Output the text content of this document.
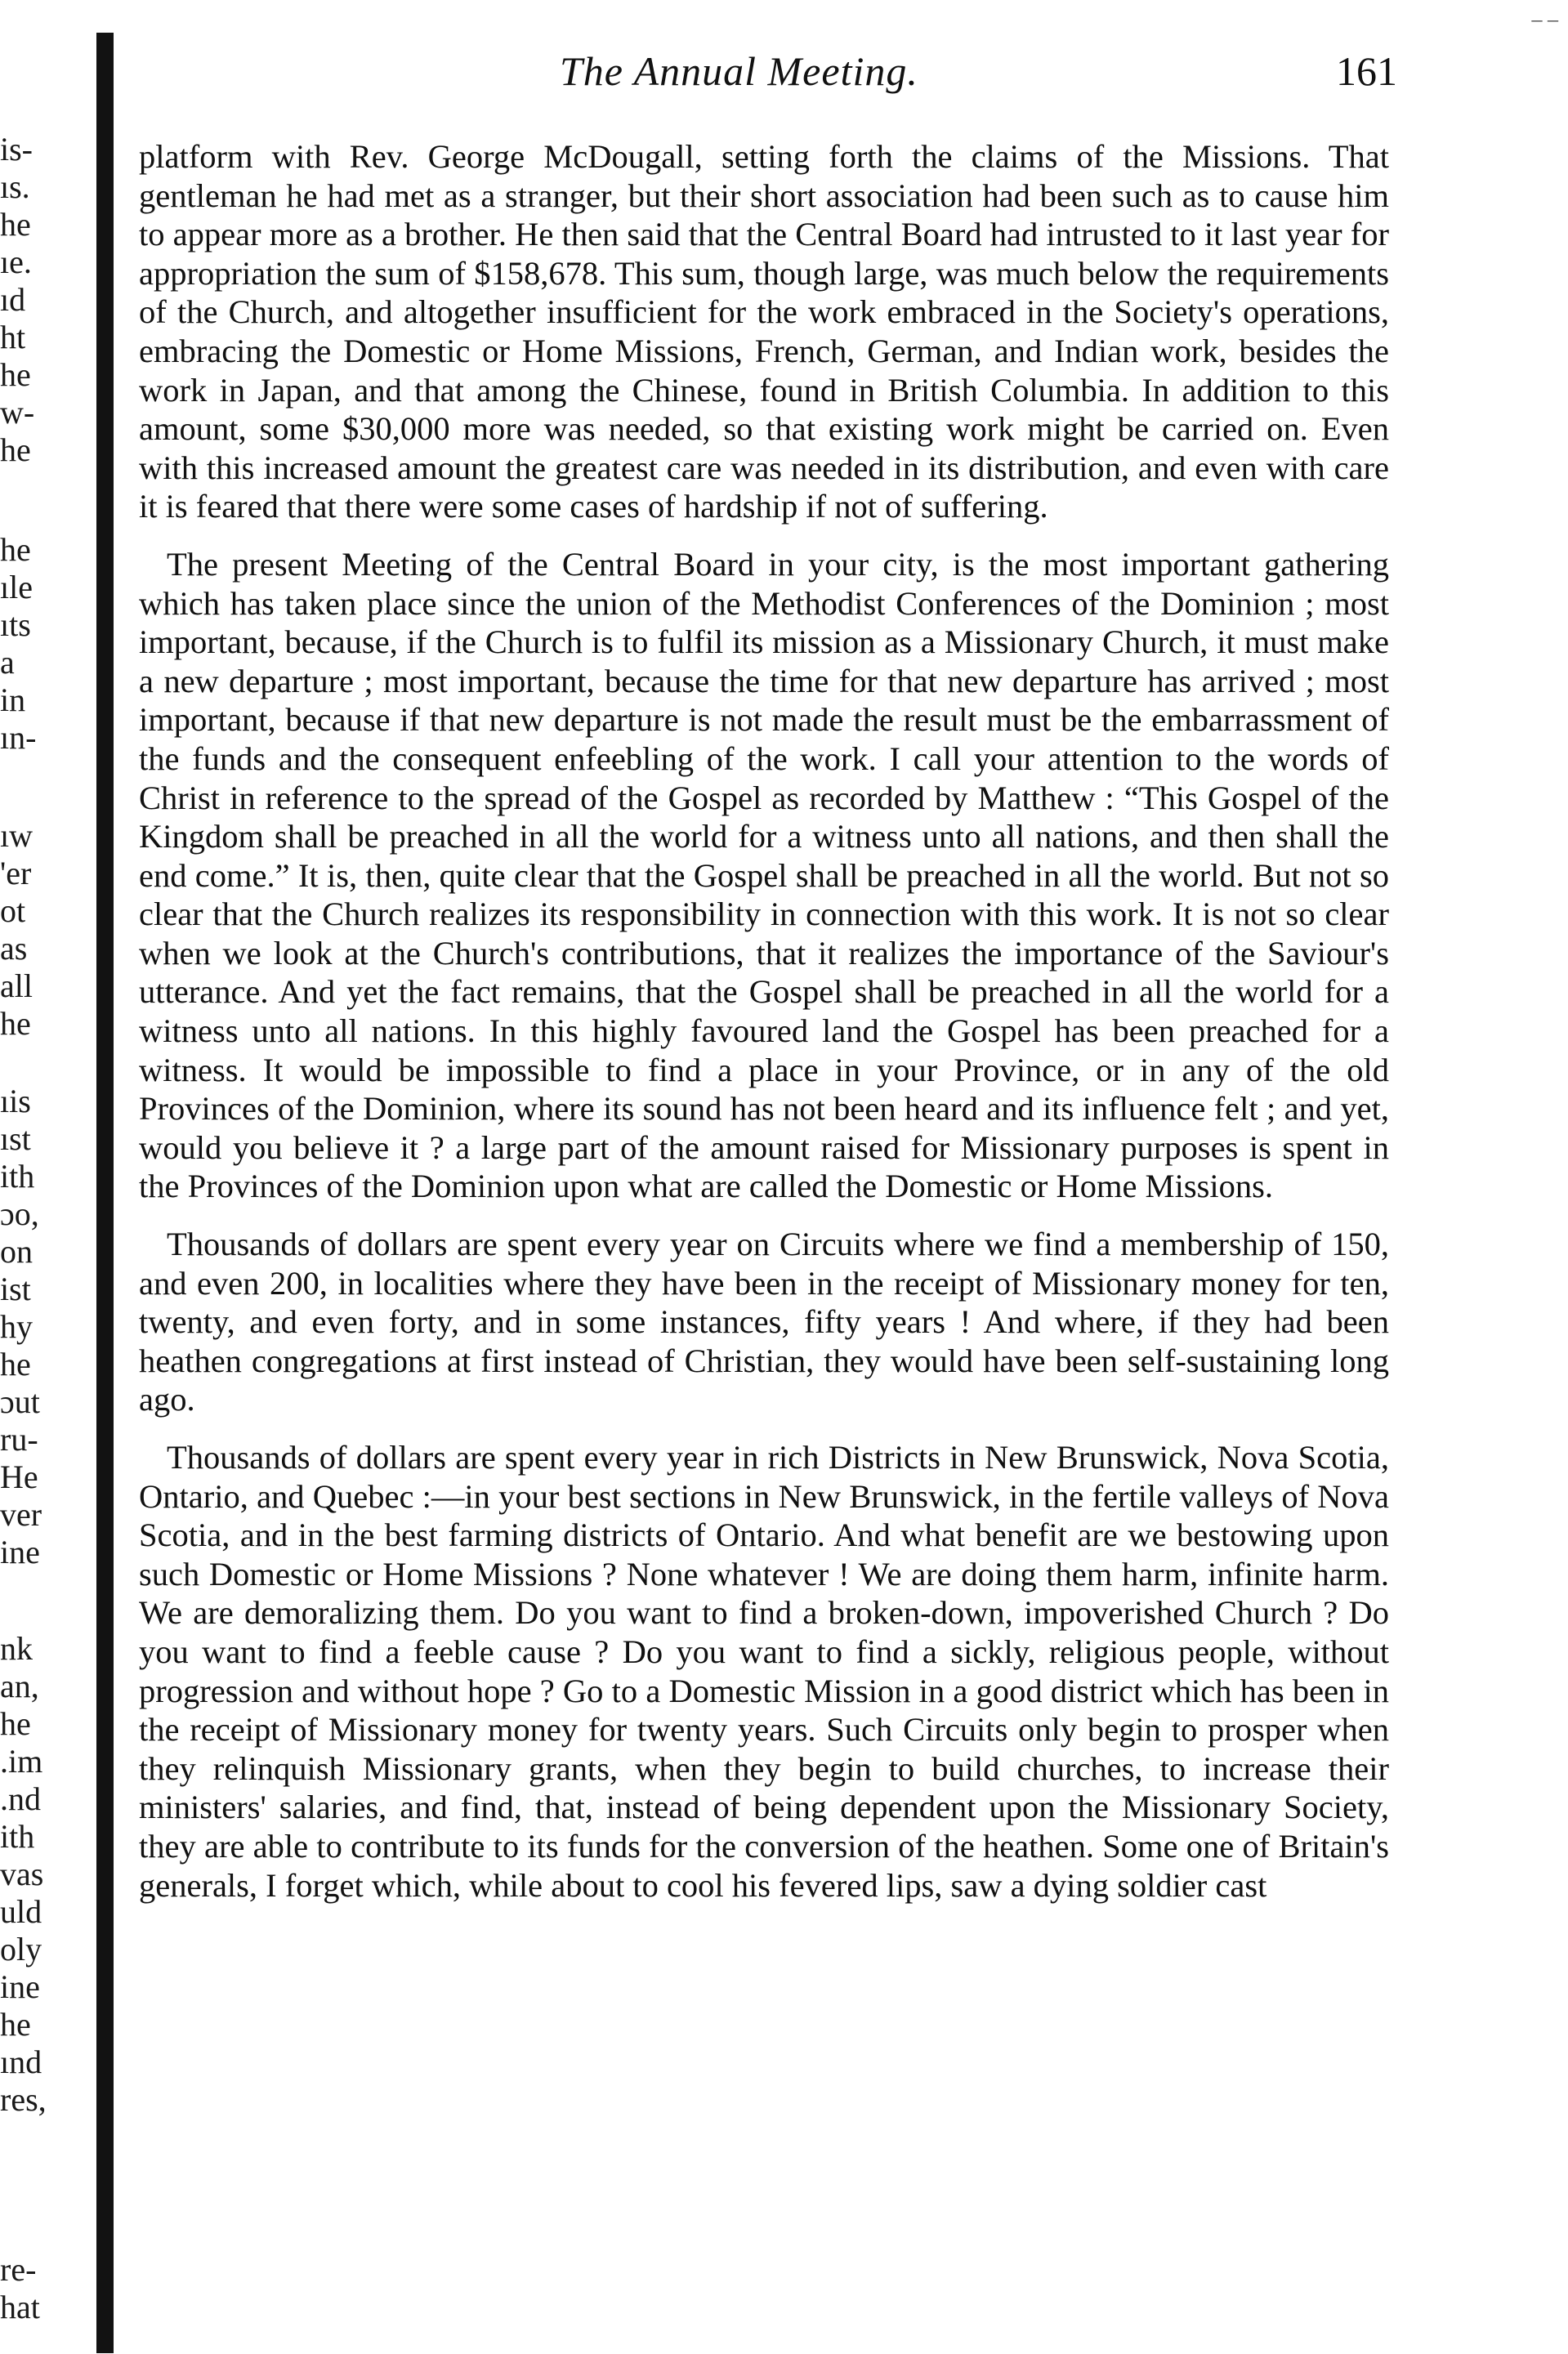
_ _
is-
ıs.
he
ıe.
ıd
ht
he
w-
he
he
ıle
ıts
a
in
ın-
ıw
'er
ot
as
all
he
ıis
ıst
ith
ɔo,
on
ist
hy
he
ɔut
ru-
He
ver
ine
nk
an,
he
.im
.nd
ith
vas
uld
oly
ine
he
ınd
res,
re-
hat
The Annual Meeting.	161

platform with Rev. George McDougall, setting forth the claims of the Missions. That gentleman he had met as a stranger, but their short association had been such as to cause him to appear more as a brother. He then said that the Central Board had intrusted to it last year for appropriation the sum of $158,678. This sum, though large, was much below the requirements of the Church, and altogether insufficient for the work embraced in the Society's operations, embracing the Domestic or Home Missions, French, German, and Indian work, besides the work in Japan, and that among the Chinese, found in British Columbia. In addition to this amount, some $30,000 more was needed, so that existing work might be carried on. Even with this increased amount the greatest care was needed in its distribution, and even with care it is feared that there were some cases of hardship if not of suffering.

The present Meeting of the Central Board in your city, is the most important gathering which has taken place since the union of the Methodist Conferences of the Dominion ; most important, because, if the Church is to fulfil its mission as a Missionary Church, it must make a new departure ; most important, because the time for that new departure has arrived ; most important, because if that new departure is not made the result must be the embarrassment of the funds and the consequent enfeebling of the work. I call your attention to the words of Christ in reference to the spread of the Gospel as recorded by Matthew : “This Gospel of the Kingdom shall be preached in all the world for a witness unto all nations, and then shall the end come.” It is, then, quite clear that the Gospel shall be preached in all the world. But not so clear that the Church realizes its responsibility in connection with this work. It is not so clear when we look at the Church's contributions, that it realizes the importance of the Saviour's utterance. And yet the fact remains, that the Gospel shall be preached in all the world for a witness unto all nations. In this highly favoured land the Gospel has been preached for a witness. It would be impossible to find a place in your Province, or in any of the old Provinces of the Dominion, where its sound has not been heard and its influence felt ; and yet, would you believe it ? a large part of the amount raised for Missionary purposes is spent in the Provinces of the Dominion upon what are called the Domestic or Home Missions.

Thousands of dollars are spent every year on Circuits where we find a membership of 150, and even 200, in localities where they have been in the receipt of Missionary money for ten, twenty, and even forty, and in some instances, fifty years ! And where, if they had been heathen congregations at first instead of Christian, they would have been self-sustaining long ago.

Thousands of dollars are spent every year in rich Districts in New Brunswick, Nova Scotia, Ontario, and Quebec :—in your best sections in New Brunswick, in the fertile valleys of Nova Scotia, and in the best farming districts of Ontario. And what benefit are we bestowing upon such Domestic or Home Missions ? None whatever ! We are doing them harm, infinite harm. We are demoralizing them. Do you want to find a broken-down, impoverished Church ? Do you want to find a feeble cause ? Do you want to find a sickly, religious people, without progression and without hope ? Go to a Domestic Mission in a good district which has been in the receipt of Missionary money for twenty years. Such Circuits only begin to prosper when they relinquish Missionary grants, when they begin to build churches, to increase their ministers' salaries, and find, that, instead of being dependent upon the Missionary Society, they are able to contribute to its funds for the conversion of the heathen. Some one of Britain's generals, I forget which, while about to cool his fevered lips, saw a dying soldier cast
